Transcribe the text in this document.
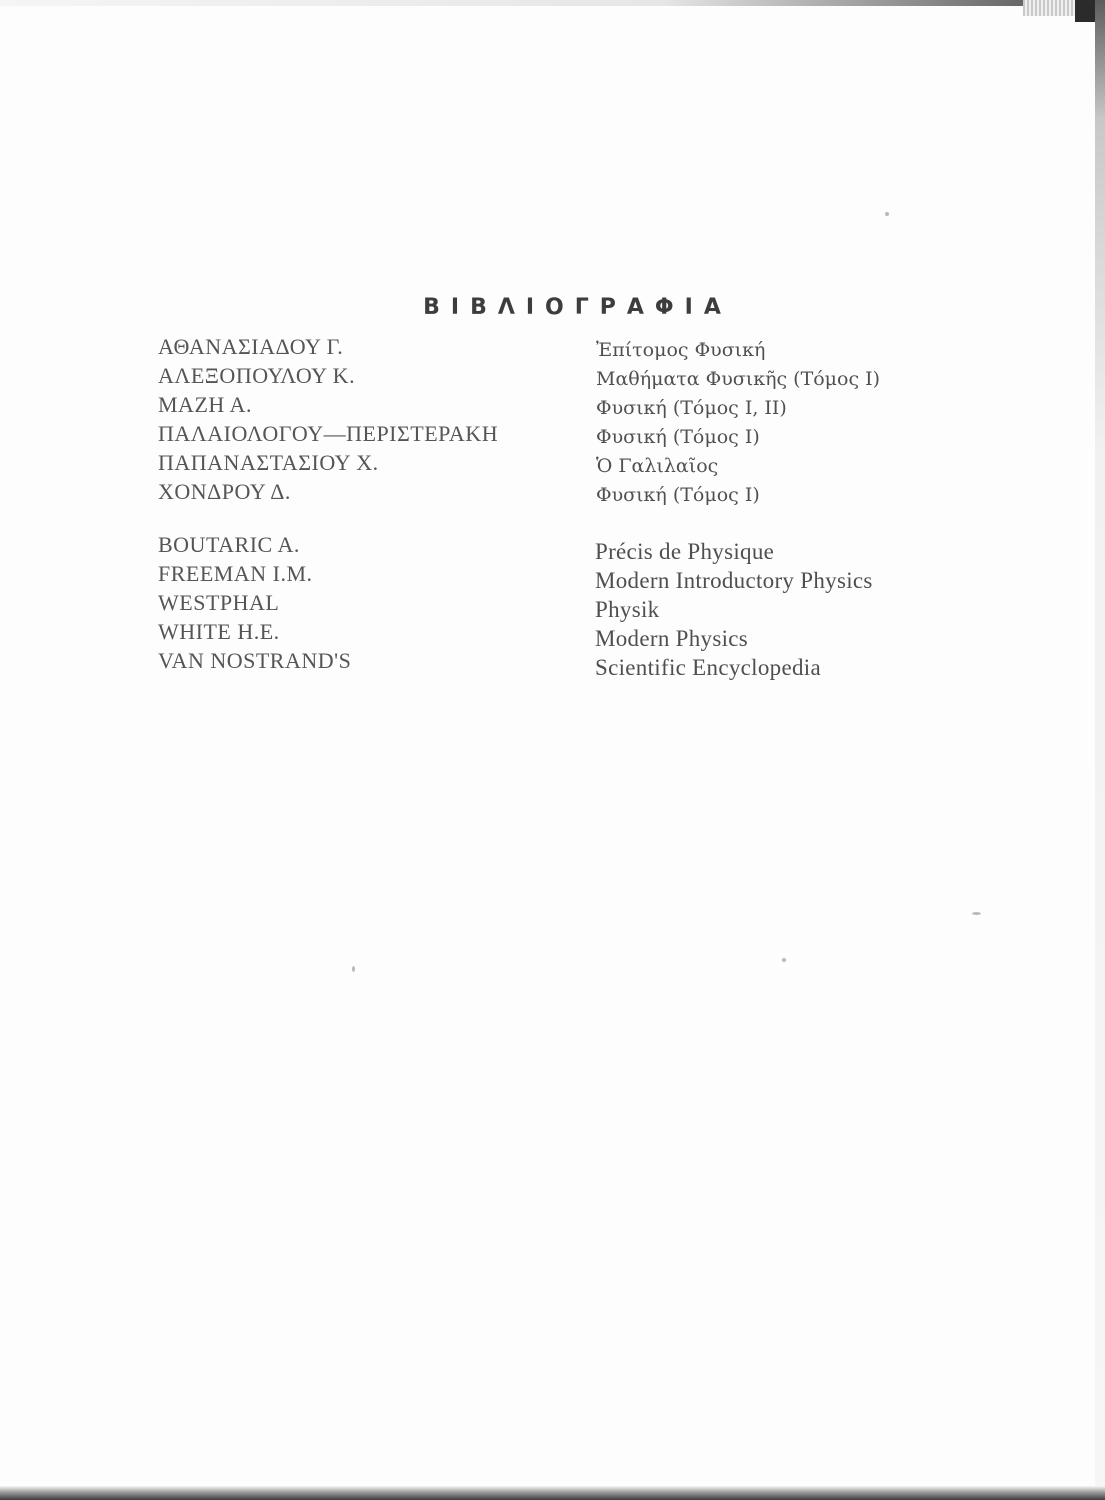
ΒΙΒΛΙΟΓΡΑΦΙΑ
ΑΘΑΝΑΣΙΑΔΟΥ Γ.
ΑΛΕΞΟΠΟΥΛΟΥ Κ.
ΜΑΖΗ Α.
ΠΑΛΑΙΟΛΟΓΟΥ—ΠΕΡΙΣΤΕΡΑΚΗ
ΠΑΠΑΝΑΣΤΑΣΙΟΥ Χ.
ΧΟΝΔΡΟΥ Δ.
Ἐπίτομος Φυσική
Μαθήματα Φυσικῆς (Τόμος Ι)
Φυσική (Τόμος Ι, ΙΙ)
Φυσική (Τόμος Ι)
Ὁ Γαλιλαῖος
Φυσική (Τόμος Ι)
BOUTARIC A.
FREEMAN I.M.
WESTPHAL
WHITE H.E.
VAN NOSTRAND'S
Précis de Physique
Modern Introductory Physics
Physik
Modern Physics
Scientific Encyclopedia
